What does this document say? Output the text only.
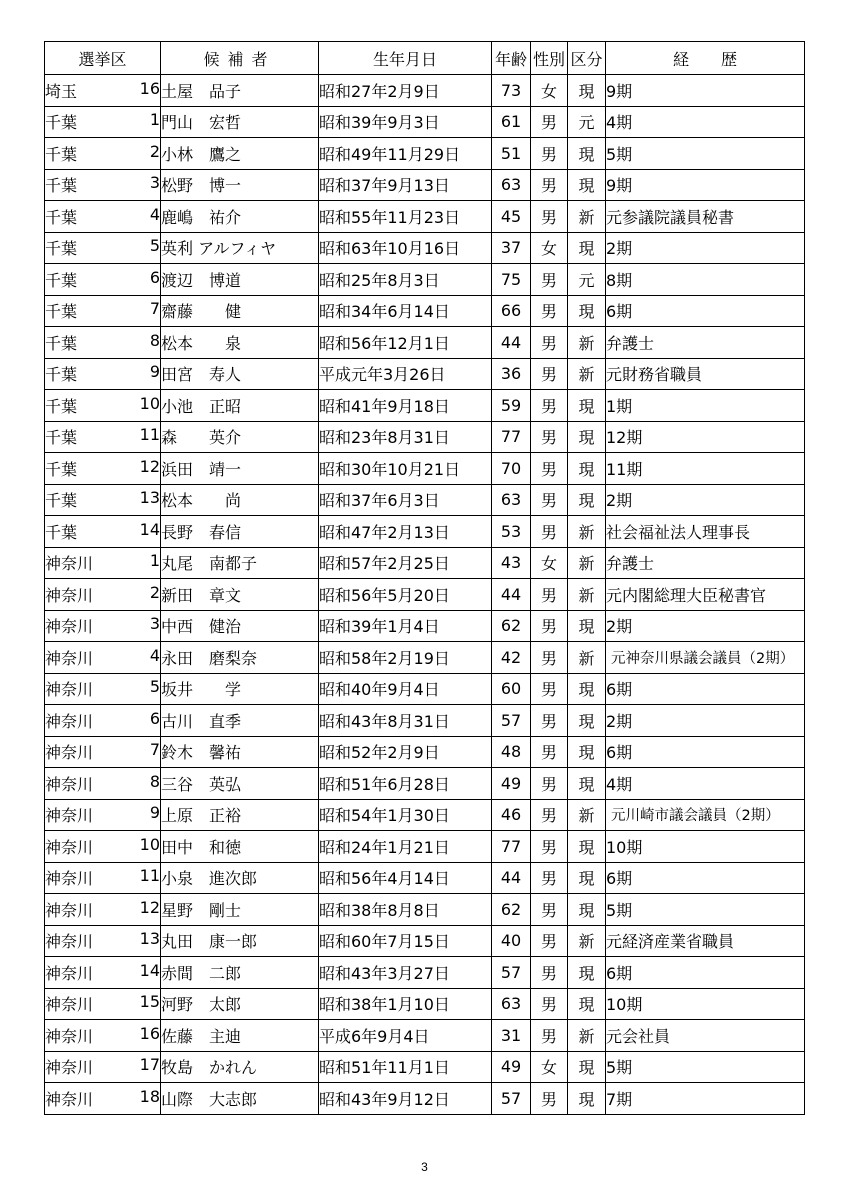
選挙区	候補者	生年月日	年齢	性別	区分	経歴

埼玉 16	土屋　品子	昭和27年2月9日	73	女	現	9期

千葉 1	門山　宏哲	昭和39年9月3日	61	男	元	4期

千葉 2	小林　鷹之	昭和49年11月29日	51	男	現	5期

千葉 3	松野　博一	昭和37年9月13日	63	男	現	9期

千葉 4	鹿嶋　祐介	昭和55年11月23日	45	男	新	元参議院議員秘書

千葉 5	英利 アルフィヤ	昭和63年10月16日	37	女	現	2期

千葉 6	渡辺　博道	昭和25年8月3日	75	男	元	8期

千葉 7	齋藤　　健	昭和34年6月14日	66	男	現	6期

千葉 8	松本　　泉	昭和56年12月1日	44	男	新	弁護士

千葉 9	田宮　寿人	平成元年3月26日	36	男	新	元財務省職員

千葉 10	小池　正昭	昭和41年9月18日	59	男	現	1期

千葉 11	森　　英介	昭和23年8月31日	77	男	現	12期

千葉 12	浜田　靖一	昭和30年10月21日	70	男	現	11期

千葉 13	松本　　尚	昭和37年6月3日	63	男	現	2期

千葉 14	長野　春信	昭和47年2月13日	53	男	新	社会福祉法人理事長

神奈川 1	丸尾　南都子	昭和57年2月25日	43	女	新	弁護士

神奈川 2	新田　章文	昭和56年5月20日	44	男	新	元内閣総理大臣秘書官

神奈川 3	中西　健治	昭和39年1月4日	62	男	現	2期

神奈川 4	永田　磨梨奈	昭和58年2月19日	42	男	新	元神奈川県議会議員（2期）

神奈川 5	坂井　　学	昭和40年9月4日	60	男	現	6期

神奈川 6	古川　直季	昭和43年8月31日	57	男	現	2期

神奈川 7	鈴木　馨祐	昭和52年2月9日	48	男	現	6期

神奈川 8	三谷　英弘	昭和51年6月28日	49	男	現	4期

神奈川 9	上原　正裕	昭和54年1月30日	46	男	新	元川崎市議会議員（2期）

神奈川 10	田中　和徳	昭和24年1月21日	77	男	現	10期

神奈川 11	小泉　進次郎	昭和56年4月14日	44	男	現	6期

神奈川 12	星野　剛士	昭和38年8月8日	62	男	現	5期

神奈川 13	丸田　康一郎	昭和60年7月15日	40	男	新	元経済産業省職員

神奈川 14	赤間　二郎	昭和43年3月27日	57	男	現	6期

神奈川 15	河野　太郎	昭和38年1月10日	63	男	現	10期

神奈川 16	佐藤　主迪	平成6年9月4日	31	男	新	元会社員

神奈川 17	牧島　かれん	昭和51年11月1日	49	女	現	5期

神奈川 18	山際　大志郎	昭和43年9月12日	57	男	現	7期
3
